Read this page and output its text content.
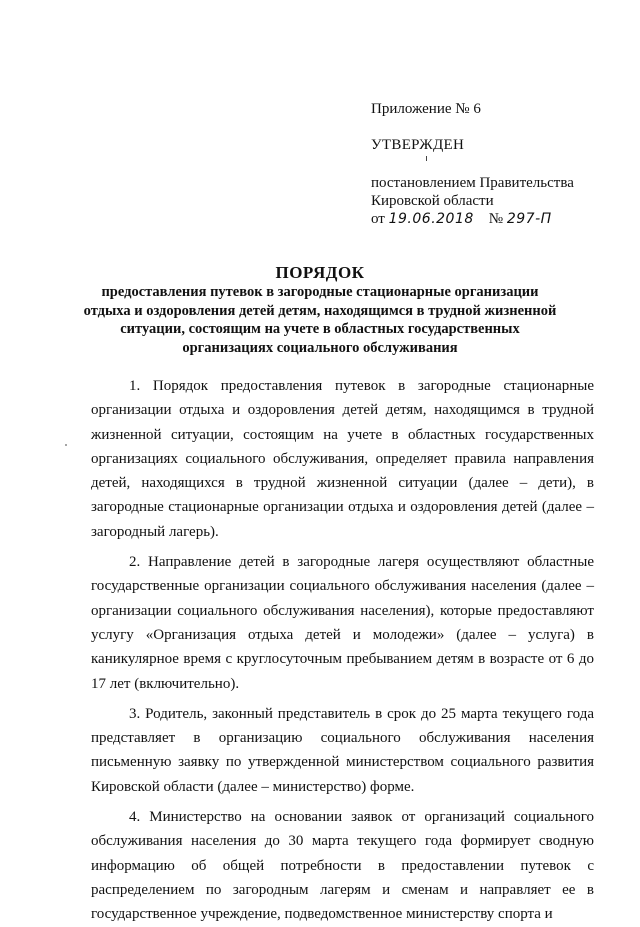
Приложение № 6
УТВЕРЖДЕН
постановлением Правительства
Кировской области
от 19.06.2018 № 297-П
ПОРЯДОК
предоставления путевок в загородные стационарные организации отдыха и оздоровления детей детям, находящимся в трудной жизненной ситуации, состоящим на учете в областных государственных организациях социального обслуживания

1. Порядок предоставления путевок в загородные стационарные организации отдыха и оздоровления детей детям, находящимся в трудной жизненной ситуации, состоящим на учете в областных государственных организациях социального обслуживания, определяет правила направления детей, находящихся в трудной жизненной ситуации (далее – дети), в загородные стационарные организации отдыха и оздоровления детей (далее – загородный лагерь).

2. Направление детей в загородные лагеря осуществляют областные государственные организации социального обслуживания населения (далее – организации социального обслуживания населения), которые предоставляют услугу «Организация отдыха детей и молодежи» (далее – услуга) в каникулярное время с круглосуточным пребыванием детям в возрасте от 6 до 17 лет (включительно).

3. Родитель, законный представитель в срок до 25 марта текущего года представляет в организацию социального обслуживания населения письменную заявку по утвержденной министерством социального развития Кировской области (далее – министерство) форме.

4. Министерство на основании заявок от организаций социального обслуживания населения до 30 марта текущего года формирует сводную информацию об общей потребности в предоставлении путевок с распределением по загородным лагерям и сменам и направляет ее в государственное учреждение, подведомственное министерству спорта и
